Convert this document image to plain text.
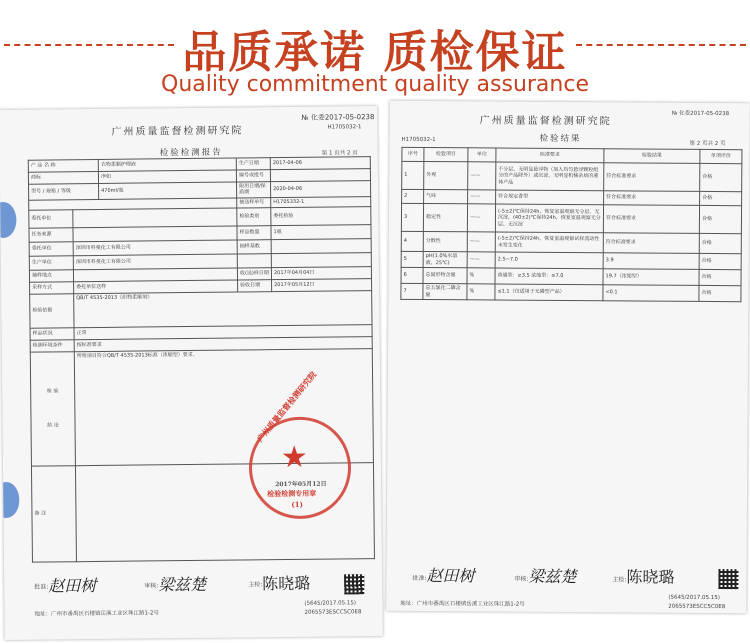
品质承诺 质检保证
Quality commitment quality assurance
广州质量监督检测研究院
№ 化委2017-05-0238
H1705032-1
检验检测报告	第 1 页共 2 页
产 品 名 称		衣物柔顺护理液	生产日期	2017-04-06
商标		净如	编号或批号	
型号 / 规格 / 等级		470ml/瓶	限用日期/保质期	2020-04-06
			抽送样单号	H1705332-1
委托单位			检验类别	委托检验
任务来源			样品数量	1瓶
委托单位	深圳市科曼化工有限公司		抽样基数	
生产单位	深圳市科曼化工有限公司			
抽样地点			收(送)样日期	2017年04月04日
采样方式	委托单位送样		验收日期	2017年05月12日
检验依据	QB/T 4535-2013《织物柔顺剂》			
样品状况	正常			
检测环境条件	按标准要求			

检 验
结 论	所检项目符合QB/T 4535-2013标准（浓缩型）要求。			
备 注				
广州质量监督检测研究院
★
2017年05月12日
检验检测专用章
(1)
批准: 赵田树	审核: 梁兹楚	主检: 陈晓璐
地址：广州市番禺区石楼镇岳溪工业区珠江路1-2号
(5645/2017.05.15)
2065573ESCC5C0E8
广州质量监督检测研究院
№ 化委2017-05-0238
H1705032-1	检验结果	第 2 页共 2 页
序号	检验项目	单位	标准要求	检验结果	单项评价
1	外观	——	不分层，无明显悬浮物（加入均匀悬浮颗粒组分的产品除外）或沉淀，无明显机械杂质的液体产品	符合标准要求	合格
2	气味	——	符合规定香型	符合标准要求	合格
3	稳定性	——	(-5±2)℃保持24h，恢复室温观察无分层、无沉淀，(40±2)℃保持24h，恢复室温观察无分层、无沉淀	符合标准要求	合格
4	分散性	——	(-5±2)℃保持24h，恢复室温观察试样流动性未发生变化	符合标准要求	合格
5	pH(1.0%水溶液，25℃)	——	2.5~7.0	3.9	合格
6	总固形物含量	%	普通型：≥3.5 浓缩型：≥7.0	19.7（浓缩型）	合格
7	总五氯化二磷含量	%	≤1.1（仅适用于无磷型产品）	<0.1	合格
批准: 赵田树	审核: 梁兹楚	主检: 陈晓璐
地址：广州市番禺区石楼镇岳溪工业区珠江路1-2号
(5645/2017.05.15)
2065573ESCC5C0E8
